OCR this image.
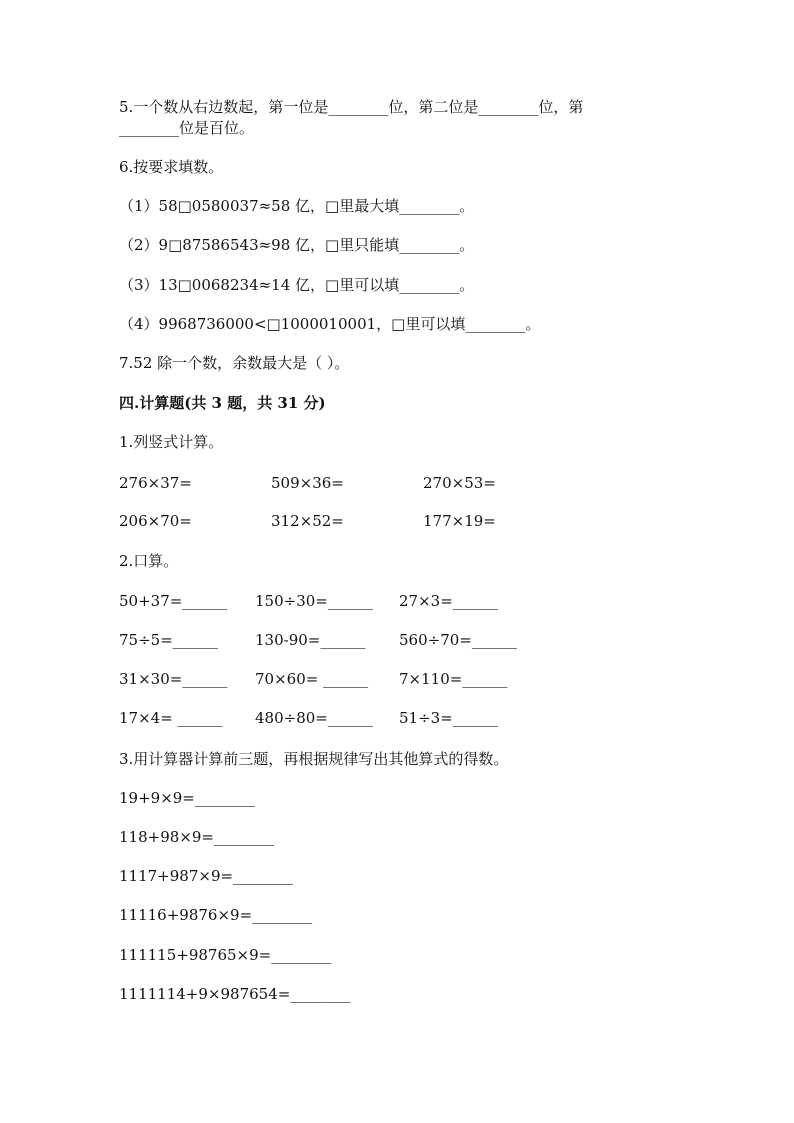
5.一个数从右边数起，第一位是________位，第二位是________位，第
________位是百位。
6.按要求填数。
（1）58□0580037≈58 亿，□里最大填________。
（2）9□87586543≈98 亿，□里只能填________。
（3）13□0068234≈14 亿，□里可以填________。
（4）9968736000<□1000010001，□里可以填________。
7.52 除一个数，余数最大是（ ）。
四.计算题(共 3 题，共 31 分)
1.列竖式计算。
276×37=	509×36=	270×53=
206×70=	312×52=	177×19=
2.口算。
50+37=______ 150÷30=______ 27×3=______
75÷5=______ 130-90=______ 560÷70=______
31×30=______ 70×60= ______ 7×110=______
17×4= ______ 480÷80=______ 51÷3=______
3.用计算器计算前三题，再根据规律写出其他算式的得数。
19+9×9=________
118+98×9=________
1117+987×9=________
11116+9876×9=________
111115+98765×9=________
1111114+9×987654=________
